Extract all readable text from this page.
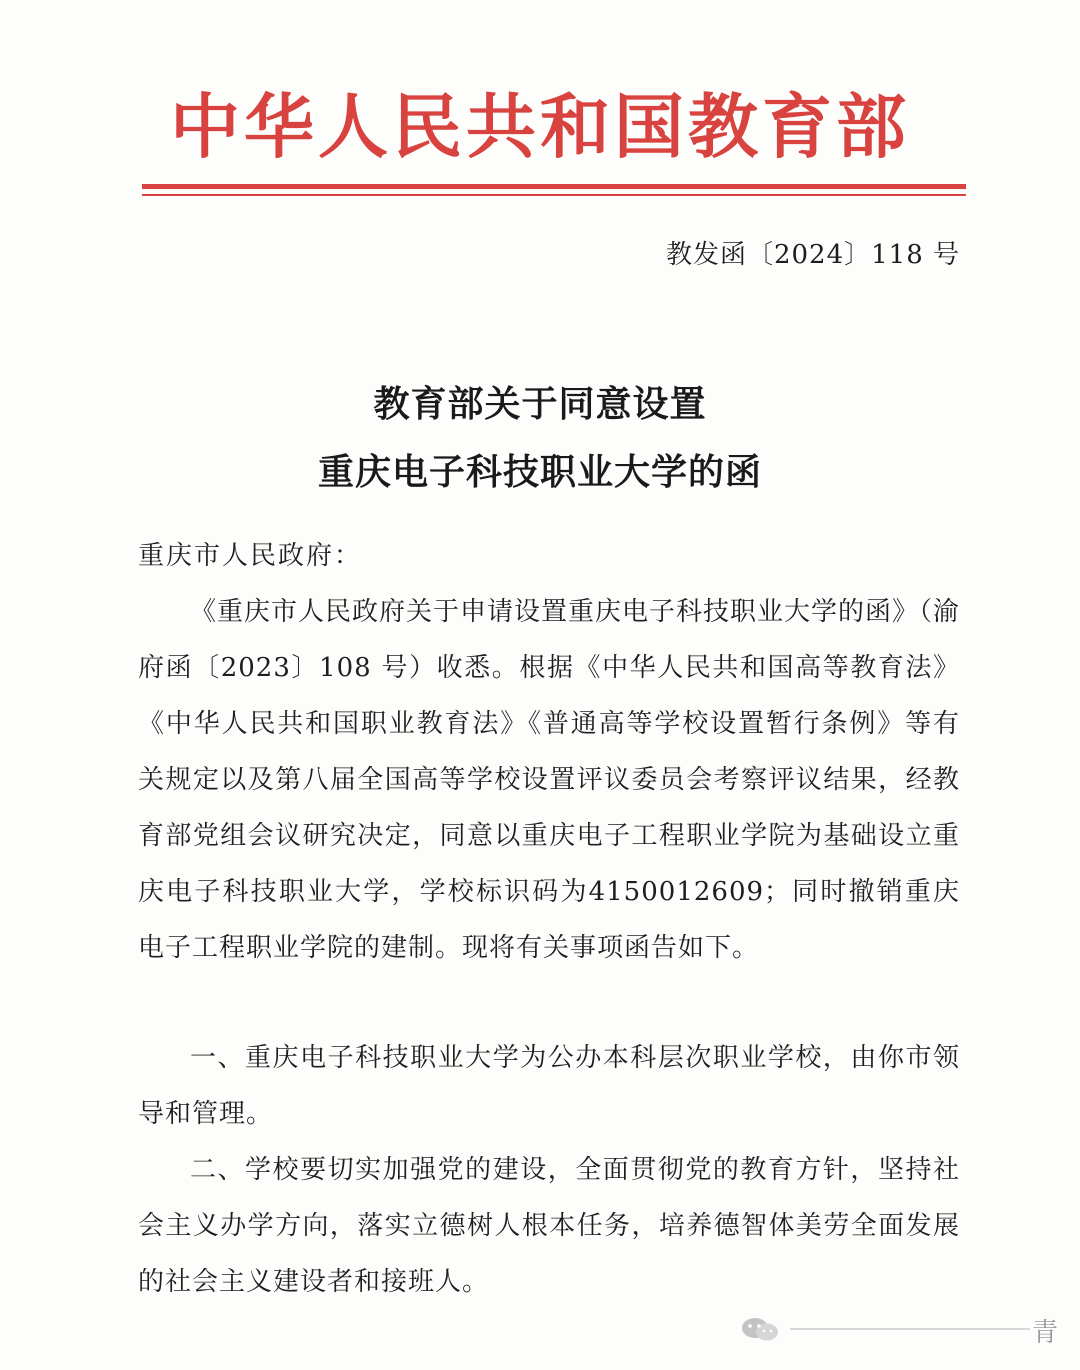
中华人民共和国教育部
教发函〔2024〕118 号
教育部关于同意设置
重庆电子科技职业大学的函
重庆市人民政府：

《重庆市人民政府关于申请设置重庆电子科技职业大学的函》（渝府函〔2023〕108 号）收悉。根据《中华人民共和国高等教育法》《中华人民共和国职业教育法》《普通高等学校设置暂行条例》等有关规定以及第八届全国高等学校设置评议委员会考察评议结果，经教育部党组会议研究决定，同意以重庆电子工程职业学院为基础设立重庆电子科技职业大学，学校标识码为4150012609；同时撤销重庆电子工程职业学院的建制。现将有关事项函告如下。

一、重庆电子科技职业大学为公办本科层次职业学校，由你市领导和管理。

二、学校要切实加强党的建设，全面贯彻党的教育方针，坚持社会主义办学方向，落实立德树人根本任务，培养德智体美劳全面发展的社会主义建设者和接班人。

青
